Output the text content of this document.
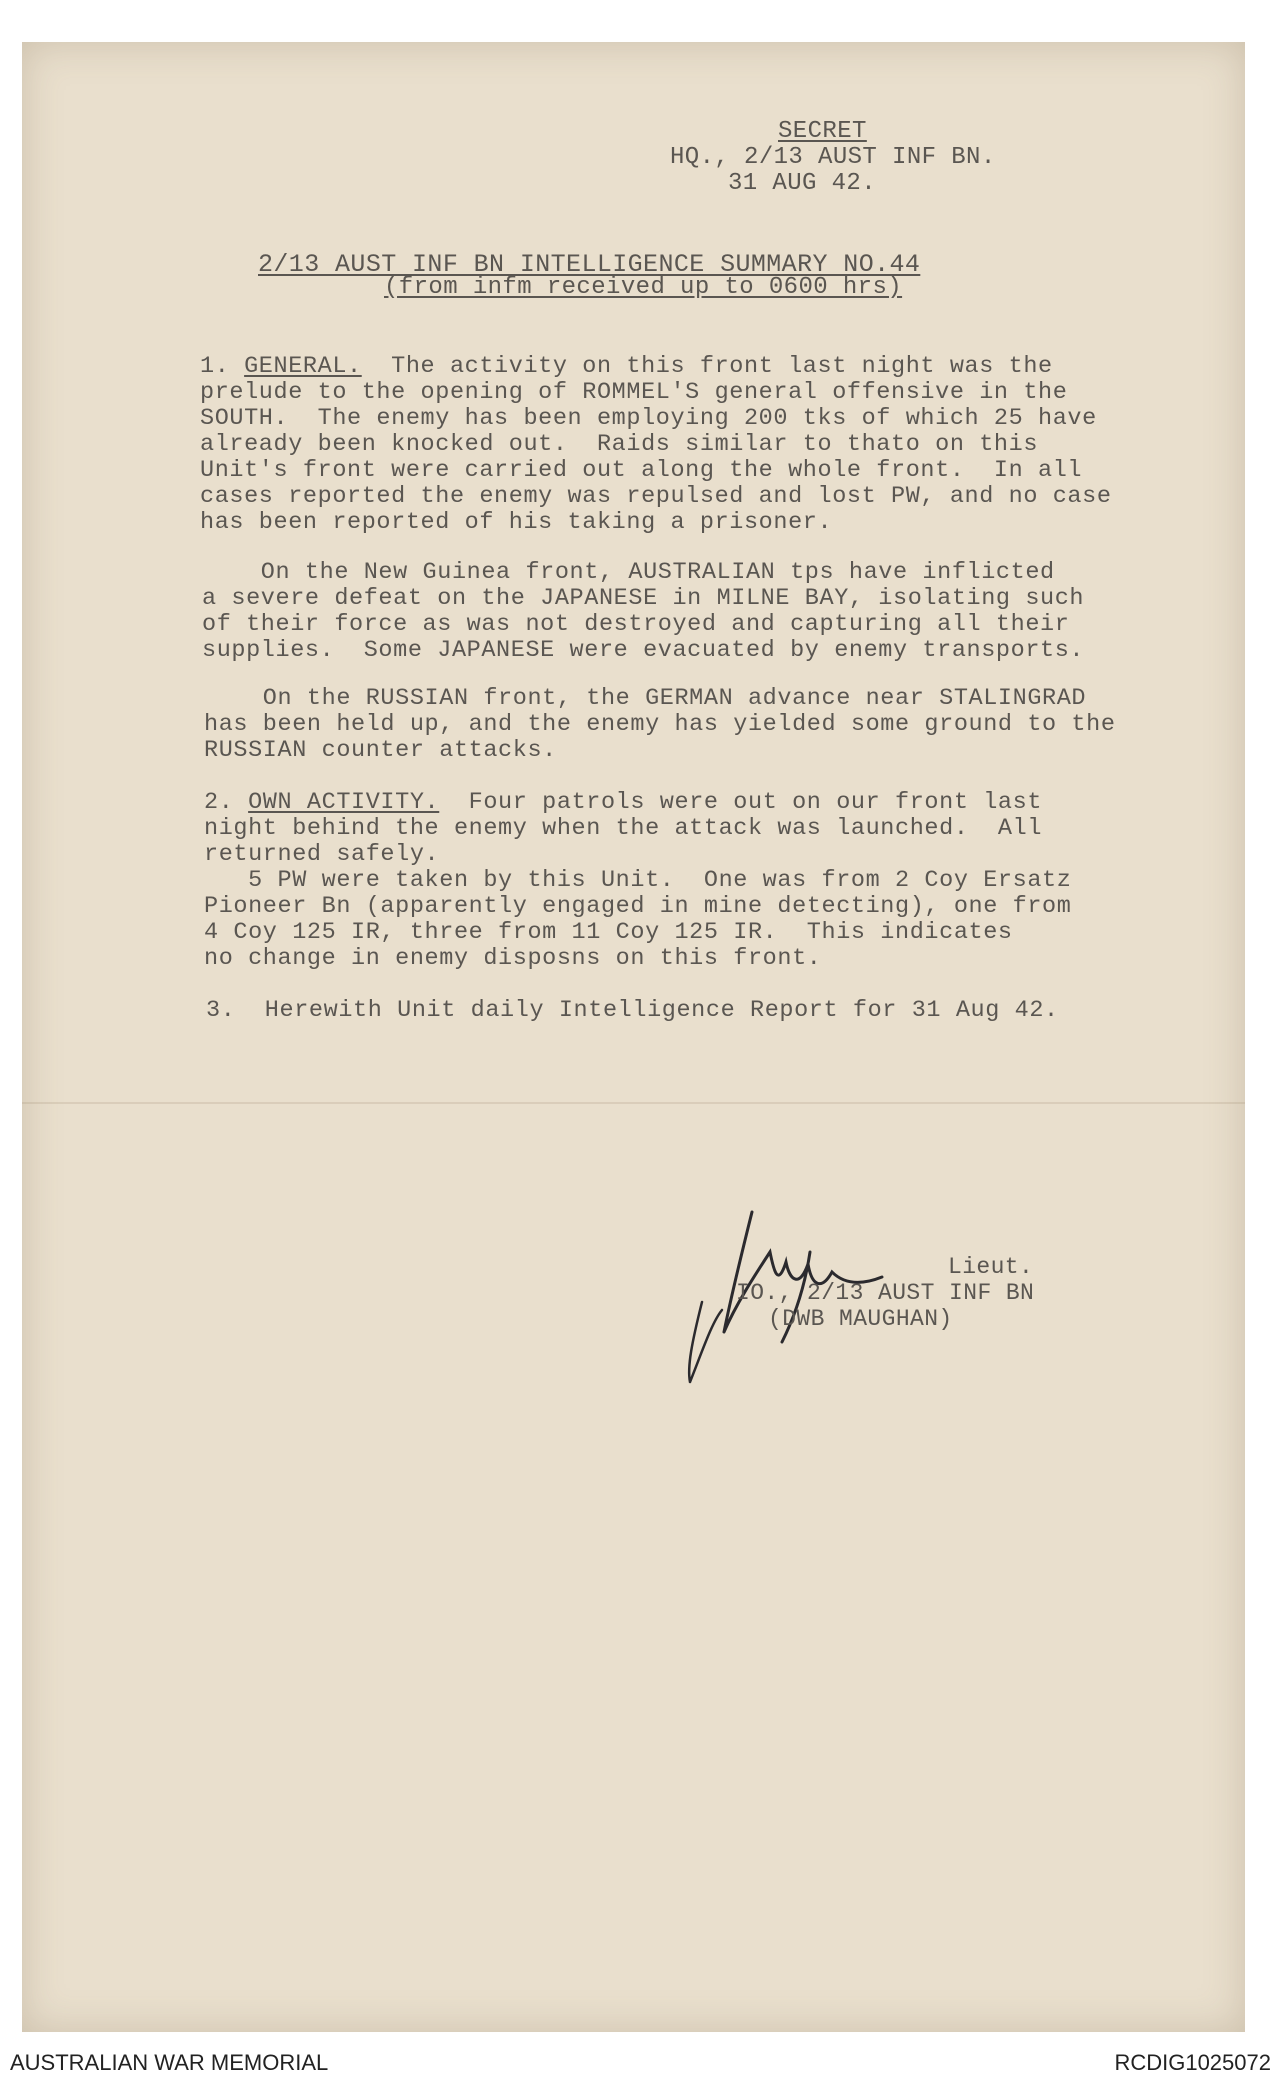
SECRET
HQ., 2/13 AUST INF BN.
31 AUG 42.
2/13 AUST INF BN INTELLIGENCE SUMMARY NO.44
(from infm received up to 0600 hrs)
1. GENERAL.  The activity on this front last night was the
prelude to the opening of ROMMEL'S general offensive in the
SOUTH.  The enemy has been employing 200 tks of which 25 have
already been knocked out.  Raids similar to thato on this
Unit's front were carried out along the whole front.  In all
cases reported the enemy was repulsed and lost PW, and no case
has been reported of his taking a prisoner.
On the New Guinea front, AUSTRALIAN tps have inflicted
a severe defeat on the JAPANESE in MILNE BAY, isolating such
of their force as was not destroyed and capturing all their
supplies.  Some JAPANESE were evacuated by enemy transports.
On the RUSSIAN front, the GERMAN advance near STALINGRAD
has been held up, and the enemy has yielded some ground to the
RUSSIAN counter attacks.
2. OWN ACTIVITY.  Four patrols were out on our front last
night behind the enemy when the attack was launched.  All
returned safely.
5 PW were taken by this Unit.  One was from 2 Coy Ersatz
Pioneer Bn (apparently engaged in mine detecting), one from
4 Coy 125 IR, three from 11 Coy 125 IR.  This indicates
no change in enemy disposns on this front.
3.  Herewith Unit daily Intelligence Report for 31 Aug 42.
Lieut.
IO., 2/13 AUST INF BN
(DWB MAUGHAN)
AUSTRALIAN WAR MEMORIAL	RCDIG1025072
